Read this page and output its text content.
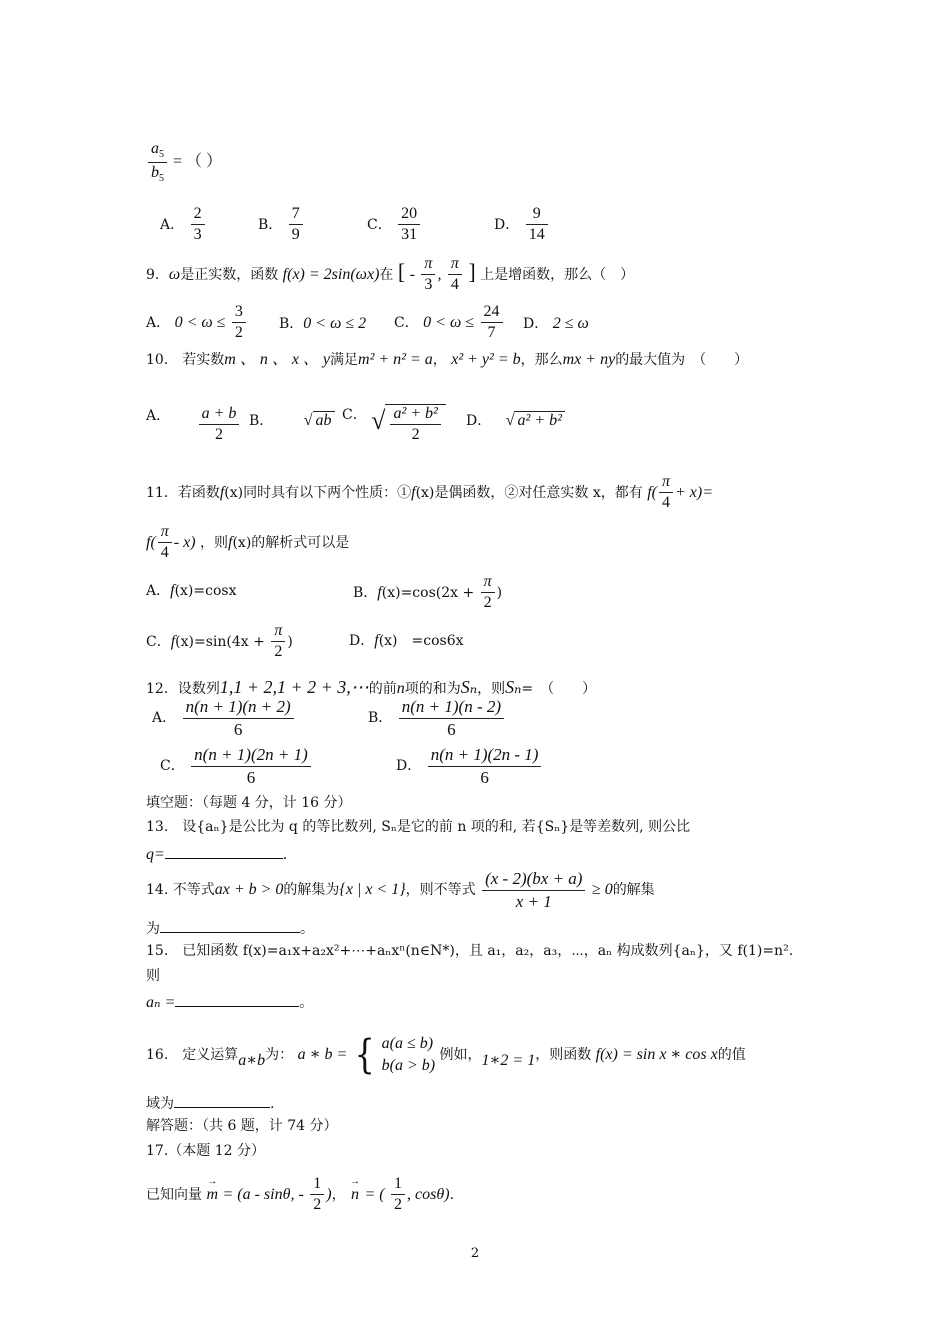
$\frac{a_5}{b_5}$ = （ ）
A． $\frac{2}{3}$	B． $\frac{7}{9}$	C． $\frac{20}{31}$	D． $\frac{9}{14}$
9．ω是正实数，函数 f(x) = 2sin(ωx)在 [ - $\frac{\pi}{3}$ , $\frac{\pi}{4}$ ] 上是增函数，那么（　）
A． $0 < \omega \le \frac{3}{2}$ B．0 < ω ≤ 2 C． $0 < \omega \le \frac{24}{7}$ D． 2 ≤ ω
10． 若实数m 、 n 、 x 、 y满足m² + n² = a， x² + y² = b，那么mx + ny的最大值为　（　　）
A． $\frac{a + b}{2}$ B． √ ab C． √ $\frac{\text{a² + b²}}{2}$ D． √ a² + b²
11．若函数f(x)同时具有以下两个性质：①f(x)是偶函数，②对任意实数 x，都有 $f( \frac{\pi}{4} + x)=$
$f( \frac{\pi}{4} - x)$ ，则f(x)的解析式可以是
A．f(x)=cosx	B．$f(x)=\cos(2x + \frac{\pi}{2}$ )
C．$f(x)=\sin(4x + \frac{\pi}{2}$ )	D．f(x)　=cos6x
12．设数列1,1 + 2,1 + 2 + 3,⋯的前n项的和为Sₙ，则Sₙ=　（　　）
A． $\frac{n(n + 1)(n + 2)}{6}$	B． $\frac{n(n + 1)(n - 2)}{6}$
C． $\frac{n(n + 1)(2n + 1)}{6}$	D． $\frac{n(n + 1)(2n - 1)}{6}$
填空题：（每题 4 分，计 16 分）
13.　设{aₙ}是公比为 q 的等比数列, Sₙ是它的前 n 项的和, 若{Sₙ}是等差数列, 则公比
q=	.
14. 不等式ax + b > 0的解集为{x | x < 1}，则不等式 $\frac{(x - 2)(bx + a)}{x + 1} \ge 0$的解集
为	。
15.　已知函数 f(x)=a₁x+a₂x²+⋯+aₙxⁿ(n∈N*)，且 a₁，a₂，a₃，⋯，aₙ 构成数列{aₙ}，又 f(1)=n².
则
aₙ =	。
16.　定义运算a∗b为： a ∗ b = { a(a ≤ b)
b(a > b)
例如，1∗2 = 1，则函数 f(x) = sin x ∗ cos x的值
域为	.
解答题：（共 6 题，计 74 分）
17.（本题 12 分）
已知向量
→
m = (a - sinθ, - $\frac{1}{2}$ )，
→
n = ( $\frac{1}{2}$ , cosθ).
2
